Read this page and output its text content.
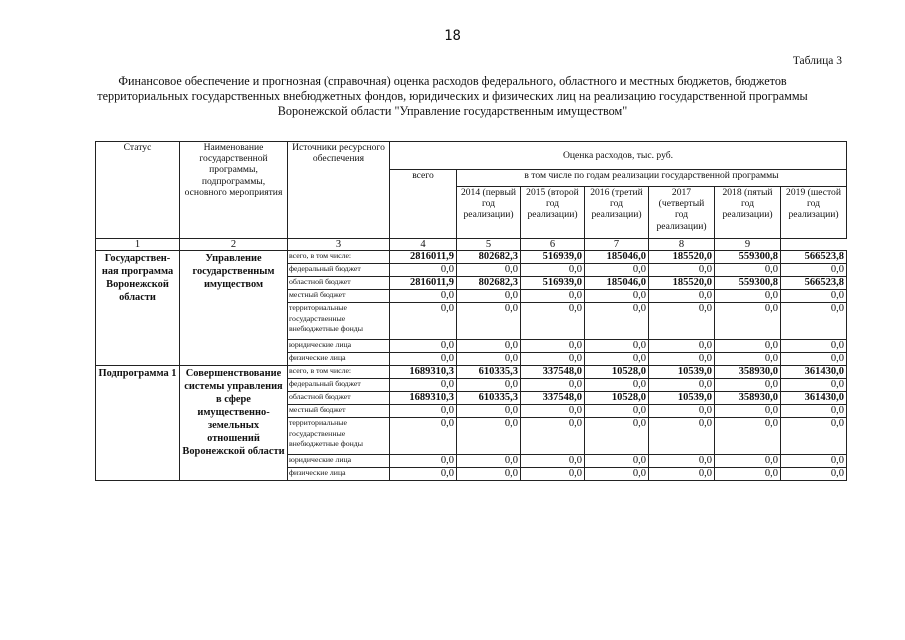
18
Таблица 3
Финансовое обеспечение и прогнозная (справочная) оценка расходов федерального, областного и местных бюджетов, бюджетов территориальных государственных внебюджетных фондов, юридических и физических лиц на реализацию государственной программы Воронежской области "Управление государственным имуществом"
Статус	Наименование государственной программы, подпрограммы, основного мероприятия	Источники ресурсного обеспечения	Оценка расходов, тыс. руб.						
			всего	в том числе по годам реализации государственной программы					
				2014 (первый год реализации)	2015 (второй год реализации)	2016 (третий год реализации)	2017 (четвертый год реализации)	2018 (пятый год реализации)	2019 (шестой год реализации)
1	2	3	4	5	6	7	8	9	
Государствен-ная программа Воронежской области	Управление государственным имуществом	всего, в том числе:	2816011,9	802682,3	516939,0	185046,0	185520,0	559300,8	566523,8
		федеральный бюджет	0,0	0,0	0,0	0,0	0,0	0,0	0,0
		областной бюджет	2816011,9	802682,3	516939,0	185046,0	185520,0	559300,8	566523,8
		местный бюджет	0,0	0,0	0,0	0,0	0,0	0,0	0,0
		территориальные государственные внебюджетные фонды	0,0	0,0	0,0	0,0	0,0	0,0	0,0
		юридические лица	0,0	0,0	0,0	0,0	0,0	0,0	0,0
		физические лица	0,0	0,0	0,0	0,0	0,0	0,0	0,0
Подпрограмма 1	Совершенствование системы управления в сфере имущественно-земельных отношений Воронежской области	всего, в том числе:	1689310,3	610335,3	337548,0	10528,0	10539,0	358930,0	361430,0
		федеральный бюджет	0,0	0,0	0,0	0,0	0,0	0,0	0,0
		областной бюджет	1689310,3	610335,3	337548,0	10528,0	10539,0	358930,0	361430,0
		местный бюджет	0,0	0,0	0,0	0,0	0,0	0,0	0,0
		территориальные государственные внебюджетные фонды	0,0	0,0	0,0	0,0	0,0	0,0	0,0
		юридические лица	0,0	0,0	0,0	0,0	0,0	0,0	0,0
		физические лица	0,0	0,0	0,0	0,0	0,0	0,0	0,0
